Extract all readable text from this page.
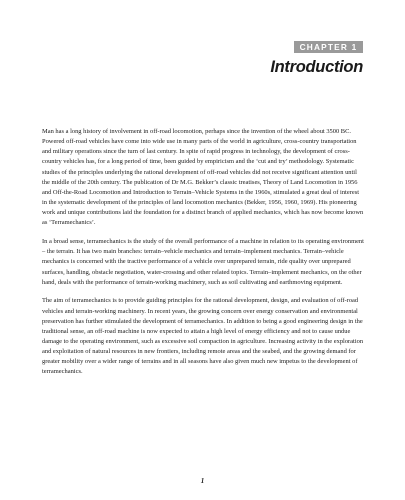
CHAPTER 1
Introduction

Man has a long history of involvement in off-road locomotion, perhaps since the invention of the wheel about 3500 BC. Powered off-road vehicles have come into wide use in many parts of the world in agriculture, cross-country transportation and military operations since the turn of last century. In spite of rapid progress in technology, the development of cross-country vehicles has, for a long period of time, been guided by empiricism and the ‘cut and try’ methodology. Systematic studies of the principles underlying the rational development of off-road vehicles did not receive significant attention until the middle of the 20th century. The publication of Dr M.G. Bekker’s classic treatises, Theory of Land Locomotion in 1956 and Off-the-Road Locomotion and Introduction to Terrain–Vehicle Systems in the 1960s, stimulated a great deal of interest in the systematic development of the principles of land locomotion mechanics (Bekker, 1956, 1960, 1969). His pioneering work and unique contributions laid the foundation for a distinct branch of applied mechanics, which has now become known as ‘Terramechanics’.

In a broad sense, terramechanics is the study of the overall performance of a machine in relation to its operating environment – the terrain. It has two main branches: terrain–vehicle mechanics and terrain–implement mechanics. Terrain–vehicle mechanics is concerned with the tractive performance of a vehicle over unprepared terrain, ride quality over unprepared surfaces, handling, obstacle negotiation, water-crossing and other related topics. Terrain–implement mechanics, on the other hand, deals with the performance of terrain-working machinery, such as soil cultivating and earthmoving equipment.

The aim of terramechanics is to provide guiding principles for the rational development, design, and evaluation of off-road vehicles and terrain-working machinery. In recent years, the growing concern over energy conservation and environmental preservation has further stimulated the development of terramechanics. In addition to being a good engineering design in the traditional sense, an off-road machine is now expected to attain a high level of energy efficiency and not to cause undue damage to the operating environment, such as excessive soil compaction in agriculture. Increasing activity in the exploration and exploitation of natural resources in new frontiers, including remote areas and the seabed, and the growing demand for greater mobility over a wider range of terrains and in all seasons have also given much new impetus to the development of terramechanics.

1
